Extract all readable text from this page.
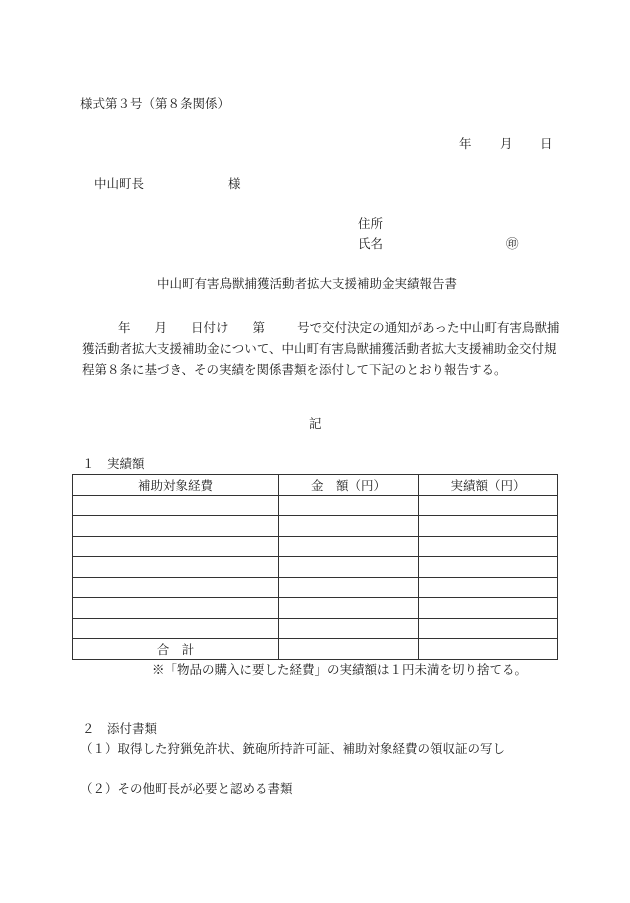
様式第３号（第８条関係）
年 月 日
中山町長	様
住所
氏名	㊞
中山町有害鳥獣捕獲活動者拡大支援補助金実績報告書
年 月 日付け 第	号で交付決定の通知があった中山町有害鳥獣捕獲活動者拡大支援補助金について、中山町有害鳥獣捕獲活動者拡大支援補助金交付規程第８条に基づき、その実績を関係書類を添付して下記のとおり報告する。
記
１　実績額
補助対象経費	金　額（円）	実績額（円）

合　計		
※「物品の購入に要した経費」の実績額は１円未満を切り捨てる。
２　添付書類
（１）取得した狩猟免許状、銃砲所持許可証、補助対象経費の領収証の写し
（２）その他町長が必要と認める書類
